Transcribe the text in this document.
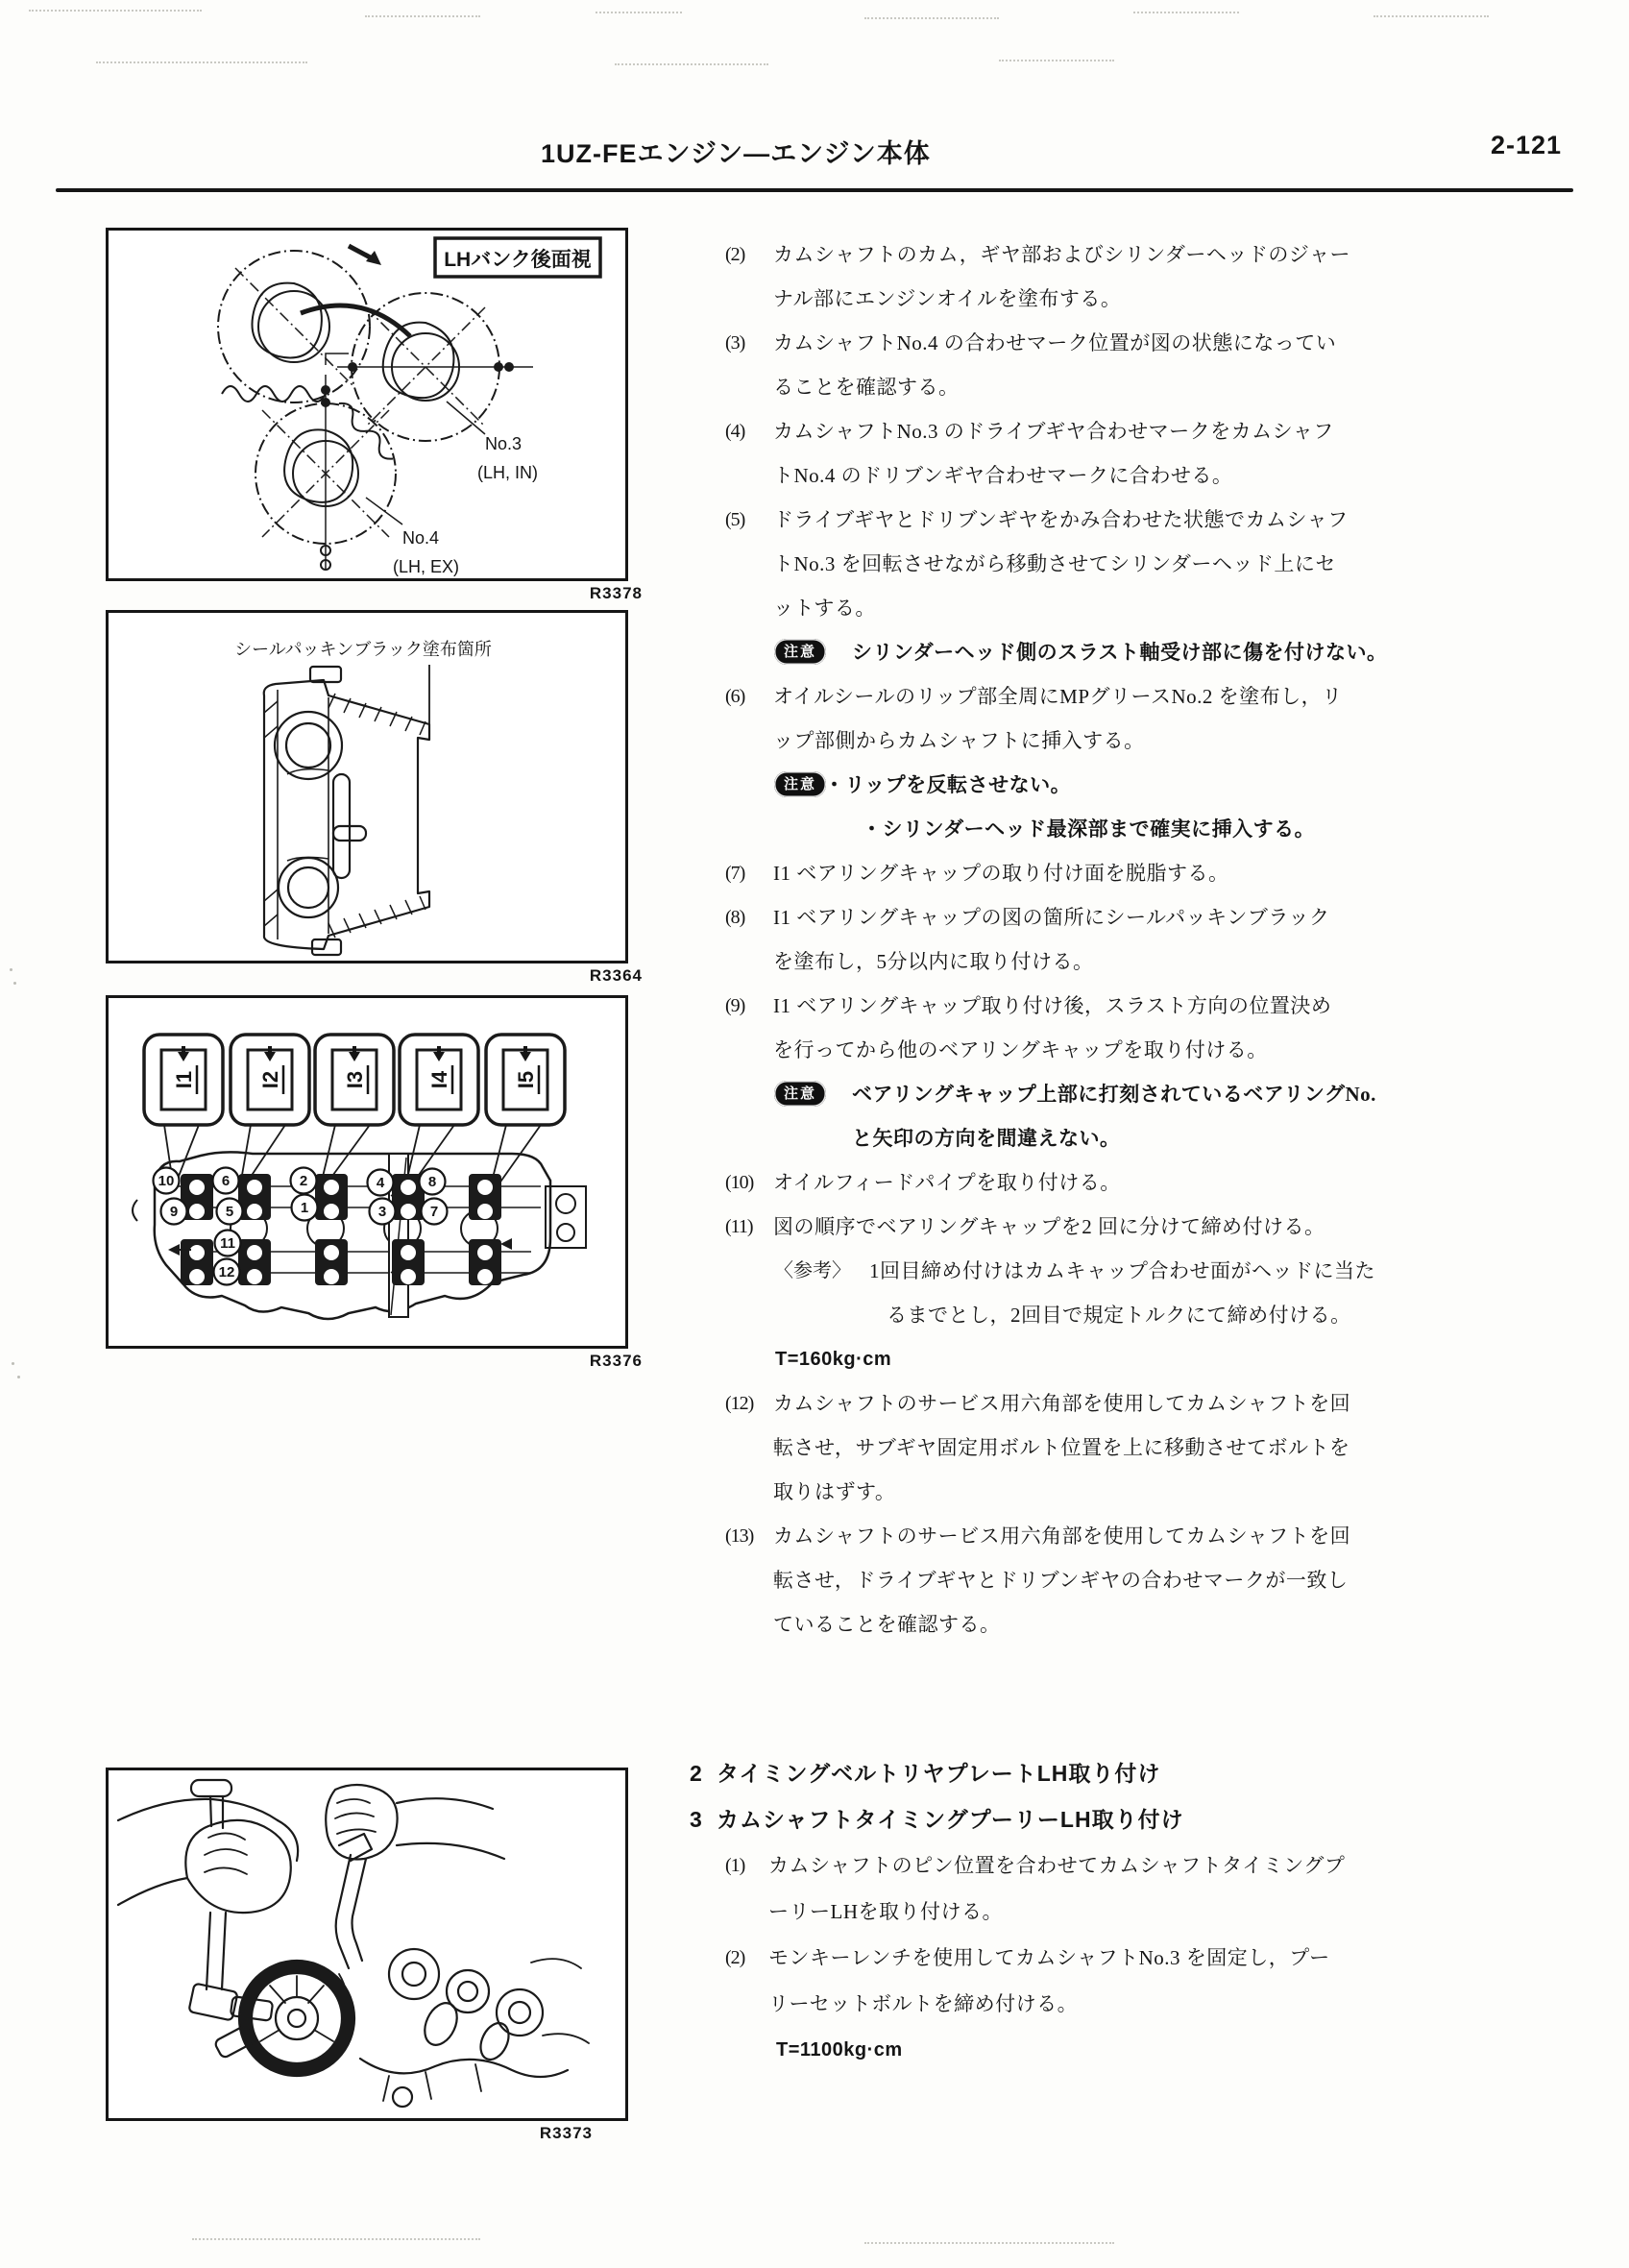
1UZ-FEエンジン—エンジン本体	2-121
LHバンク後面視
No.3
(LH, IN)
No.4
(LH, EX)
R3378
シールパッキンブラック塗布箇所
R3364
I1	I2	I3	I4	I5
1
2
3
4
5
6
7
8
9
10
11
12
R3376
R3373
(2) カムシャフトのカム，ギヤ部およびシリンダーヘッドのジャー
ナル部にエンジンオイルを塗布する。
(3) カムシャフトNo.4 の合わせマーク位置が図の状態になってい
ることを確認する。
(4) カムシャフトNo.3 のドライブギヤ合わせマークをカムシャフ
トNo.4 のドリブンギヤ合わせマークに合わせる。
(5) ドライブギヤとドリブンギヤをかみ合わせた状態でカムシャフ
トNo.3 を回転させながら移動させてシリンダーヘッド上にセ
ットする。
注意	シリンダーヘッド側のスラスト軸受け部に傷を付けない。
(6) オイルシールのリップ部全周にMPグリースNo.2 を塗布し，リ
ップ部側からカムシャフトに挿入する。
注意 ・リップを反転させない。
・シリンダーヘッド最深部まで確実に挿入する。
(7) I1 ベアリングキャップの取り付け面を脱脂する。
(8) I1 ベアリングキャップの図の箇所にシールパッキンブラック
を塗布し，5分以内に取り付ける。
(9) I1 ベアリングキャップ取り付け後，スラスト方向の位置決め
を行ってから他のベアリングキャップを取り付ける。
注意	ベアリングキャップ上部に打刻されているベアリングNo.
と矢印の方向を間違えない。
(10) オイルフィードパイプを取り付ける。
(11) 図の順序でベアリングキャップを2 回に分けて締め付ける。
〈参考〉 1回目締め付けはカムキャップ合わせ面がヘッドに当た
るまでとし，2回目で規定トルクにて締め付ける。
T=160kg·cm
(12) カムシャフトのサービス用六角部を使用してカムシャフトを回
転させ，サブギヤ固定用ボルト位置を上に移動させてボルトを
取りはずす。
(13) カムシャフトのサービス用六角部を使用してカムシャフトを回
転させ，ドライブギヤとドリブンギヤの合わせマークが一致し
ていることを確認する。
2 タイミングベルトリヤプレートLH取り付け
3 カムシャフトタイミングプーリーLH取り付け
(1) カムシャフトのピン位置を合わせてカムシャフトタイミングプ
ーリーLHを取り付ける。
(2) モンキーレンチを使用してカムシャフトNo.3 を固定し，プー
リーセットボルトを締め付ける。
T=1100kg·cm
